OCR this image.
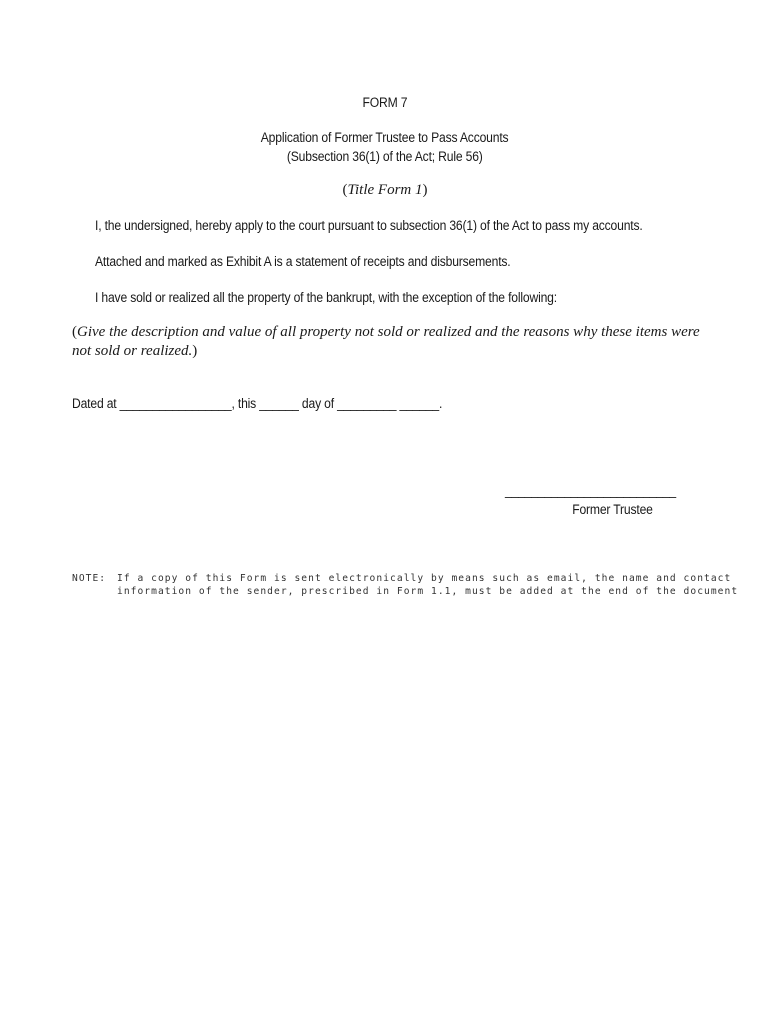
FORM 7
Application of Former Trustee to Pass Accounts
(Subsection 36(1) of the Act; Rule 56)
(Title Form 1)
I, the undersigned, hereby apply to the court pursuant to subsection 36(1) of the Act to pass my accounts.
Attached and marked as Exhibit A is a statement of receipts and disbursements.
I have sold or realized all the property of the bankrupt, with the exception of the following:
(Give the description and value of all property not sold or realized and the reasons why these items were
not sold or realized.)
Dated at _________________, this ______ day of _________ ______.
__________________________
Former Trustee
NOTE: If a copy of this Form is sent electronically by means such as email, the name and contact
information of the sender, prescribed in Form 1.1, must be added at the end of the document
